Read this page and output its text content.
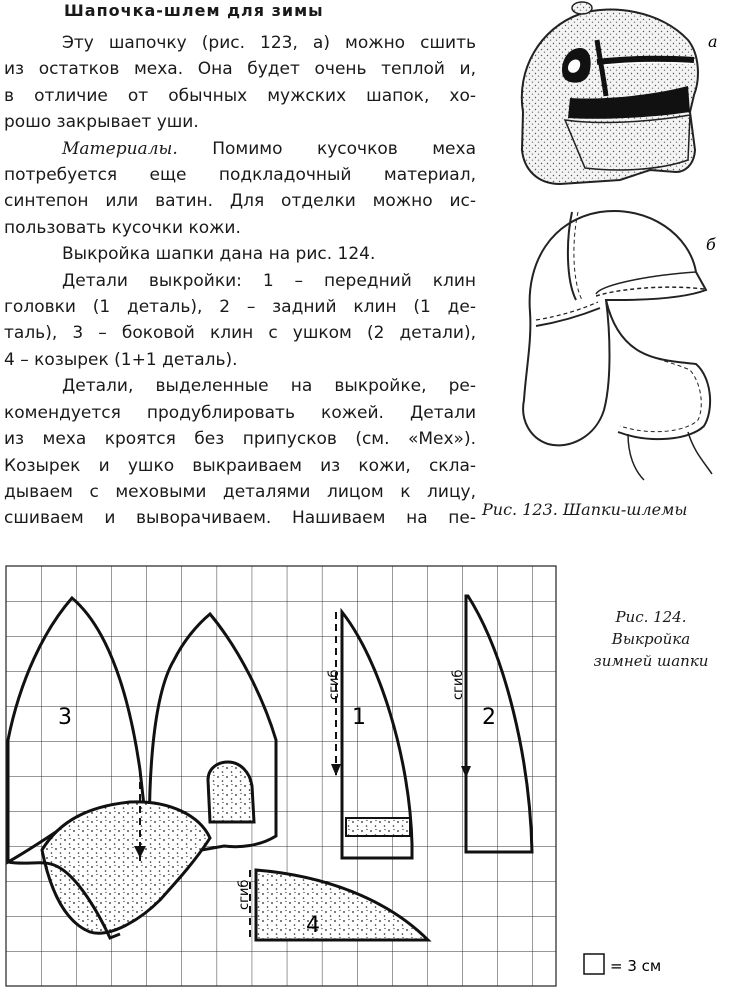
Шапочка-шлем для зимы

Эту шапочку (рис. 123, а) можно сшить

из остатков меха. Она будет очень теплой и,

в отличие от обычных мужских шапок, хо-

рошо закрывает уши.

Материалы. Помимо кусочков меха

потребуется еще подкладочный материал,

синтепон или ватин. Для отделки можно ис-

пользовать кусочки кожи.

Выкройка шапки дана на рис. 124.

Детали выкройки: 1 – передний клин

головки (1 деталь), 2 – задний клин (1 де-

таль), 3 – боковой клин с ушком (2 детали),

4 – козырек (1+1 деталь).

Детали, выделенные на выкройке, ре-

комендуется продублировать кожей. Детали

из меха кроятся без припусков (см. «Мех»).

Козырек и ушко выкраиваем из кожи, скла-

дываем с меховыми деталями лицом к лицу,

сшиваем и выворачиваем. Нашиваем на пе-

а
б
3	1	2
4
сгиб	сгиб
сгиб
= 3 см
Рис. 123. Шапки-шлемы
Рис. 124.
Выкройка
зимней шапки
